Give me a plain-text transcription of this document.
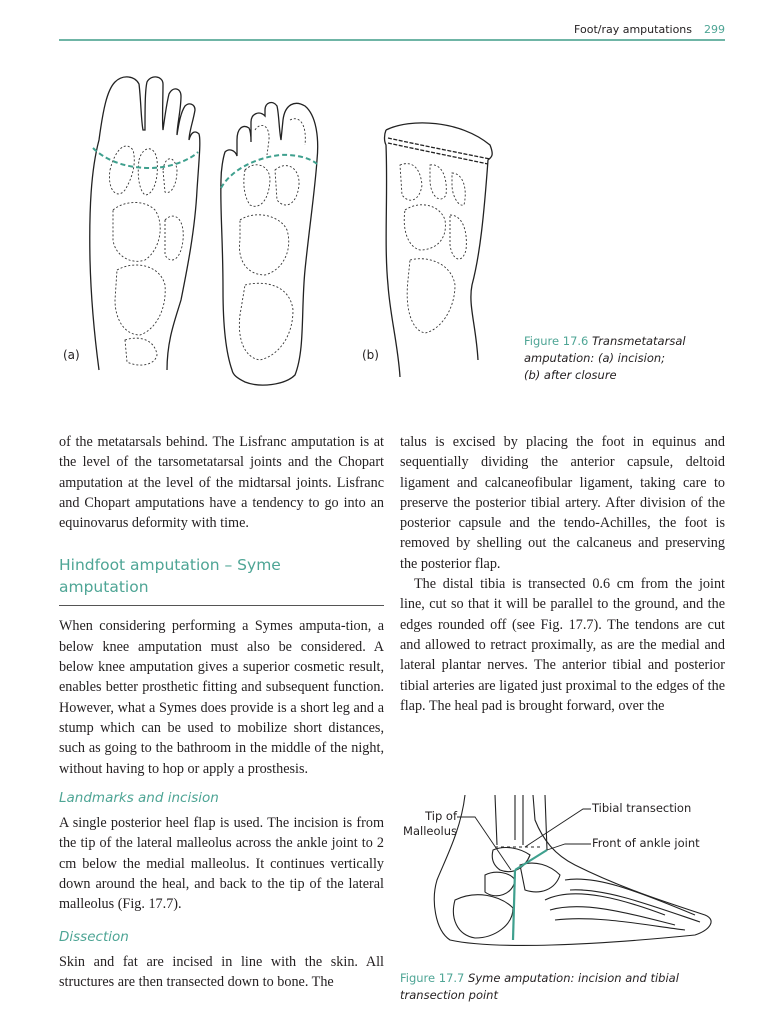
Foot/ray amputations 299
(a)	(b)
Figure 17.6 Transmetatarsal
amputation: (a) incision;
(b) after closure

of the metatarsals behind. The Lisfranc amputation is at the level of the tarsometatarsal joints and the Chopart amputation at the level of the midtarsal joints. Lisfranc and Chopart amputations have a tendency to go into an equinovarus deformity with time.

Hindfoot amputation – Syme
amputation

When considering performing a Symes amputa-tion, a below knee amputation must also be considered. A below knee amputation gives a superior cosmetic result, enables better prosthetic fitting and subsequent function. However, what a Symes does provide is a short leg and a stump which can be used to mobilize short distances, such as going to the bathroom in the middle of the night, without having to hop or apply a prosthesis.

Landmarks and incision

A single posterior heel flap is used. The incision is from the tip of the lateral malleolus across the ankle joint to 2 cm below the medial malleolus. It continues vertically down around the heal, and back to the tip of the lateral malleolus (Fig. 17.7).

Dissection

Skin and fat are incised in line with the skin. All structures are then transected down to bone. The

talus is excised by placing the foot in equinus and sequentially dividing the anterior capsule, deltoid ligament and calcaneofibular ligament, taking care to preserve the posterior tibial artery. After division of the posterior capsule and the tendo-Achilles, the foot is removed by shelling out the calcaneus and preserving the posterior flap.

The distal tibia is transected 0.6 cm from the joint line, cut so that it will be parallel to the ground, and the edges rounded off (see Fig. 17.7). The tendons are cut and allowed to retract proximally, as are the medial and lateral plantar nerves. The anterior tibial and posterior tibial arteries are ligated just proximal to the edges of the flap. The heal pad is brought forward, over the

Tip of
Malleolus
Tibial transection
Front of ankle joint
Figure 17.7 Syme amputation: incision and tibial
transection point
